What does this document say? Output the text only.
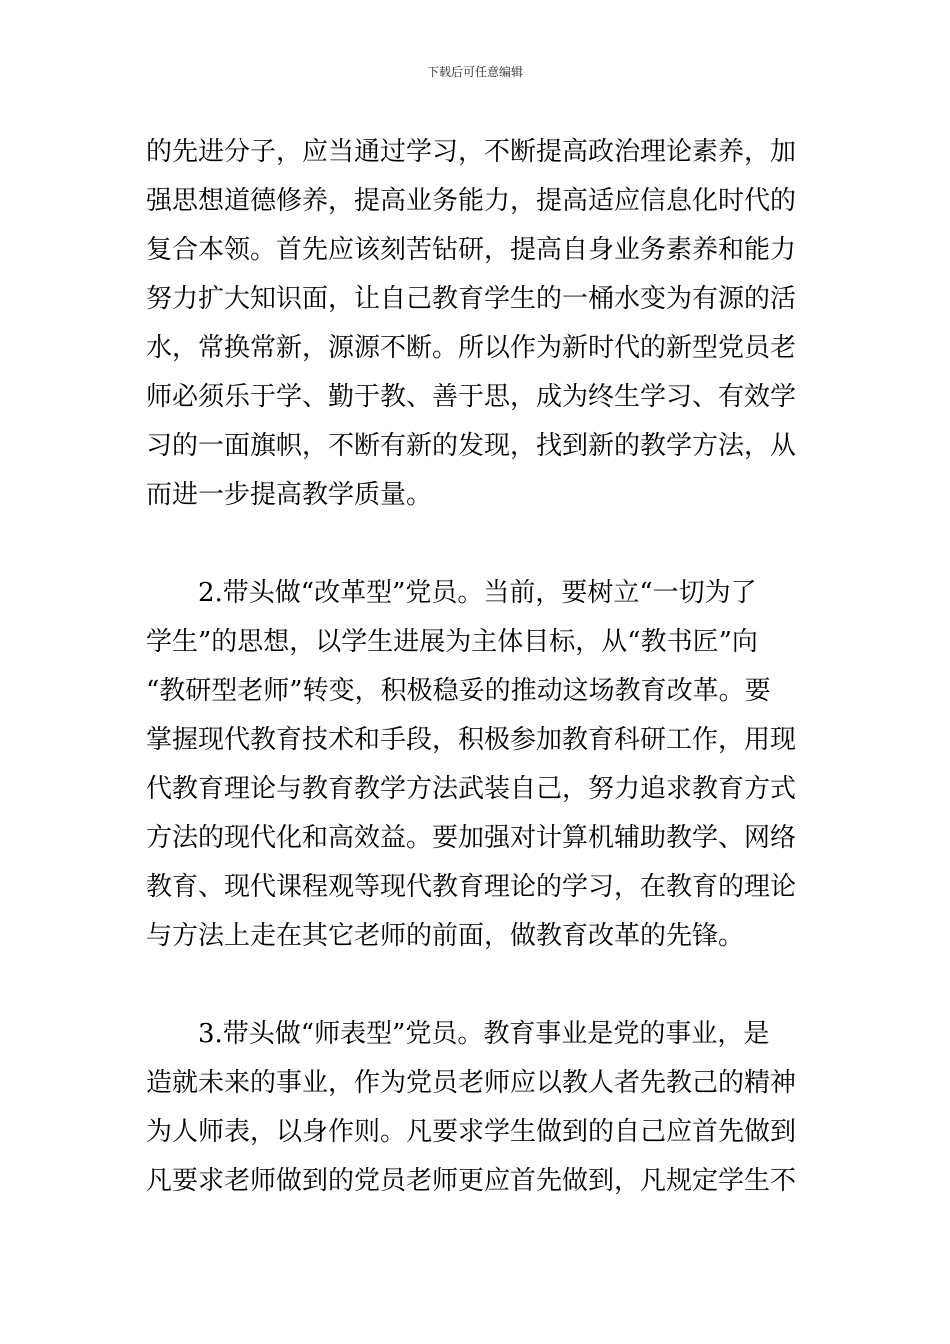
下载后可任意编辑
的先进分子，应当通过学习，不断提高政治理论素养，加
强思想道德修养，提高业务能力，提高适应信息化时代的
复合本领。首先应该刻苦钻研，提高自身业务素养和能力
努力扩大知识面，让自己教育学生的一桶水变为有源的活
水，常换常新，源源不断。所以作为新时代的新型党员老
师必须乐于学、勤于教、善于思，成为终生学习、有效学
习的一面旗帜，不断有新的发现，找到新的教学方法，从
而进一步提高教学质量。
2.带头做“改革型”党员。当前，要树立“一切为了
学生”的思想，以学生进展为主体目标，从“教书匠”向
“教研型老师”转变，积极稳妥的推动这场教育改革。要
掌握现代教育技术和手段，积极参加教育科研工作，用现
代教育理论与教育教学方法武装自己，努力追求教育方式
方法的现代化和高效益。要加强对计算机辅助教学、网络
教育、现代课程观等现代教育理论的学习，在教育的理论
与方法上走在其它老师的前面，做教育改革的先锋。
3.带头做“师表型”党员。教育事业是党的事业，是
造就未来的事业，作为党员老师应以教人者先教己的精神
为人师表，以身作则。凡要求学生做到的自己应首先做到
凡要求老师做到的党员老师更应首先做到，凡规定学生不
